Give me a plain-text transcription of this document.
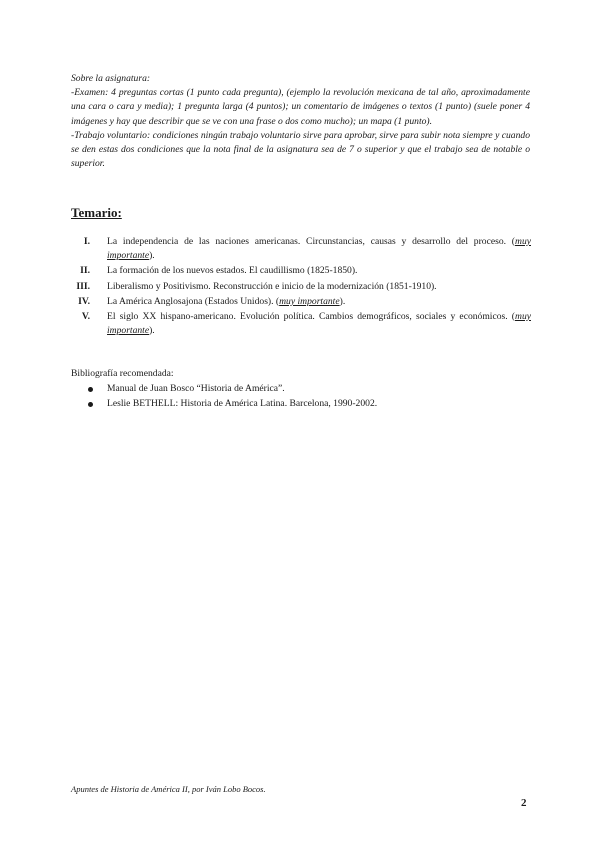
Sobre la asignatura:

-Examen: 4 preguntas cortas (1 punto cada pregunta), (ejemplo la revolución mexicana de tal año, aproximadamente una cara o cara y media); 1 pregunta larga (4 puntos); un comentario de imágenes o textos (1 punto) (suele poner 4 imágenes y hay que describir que se ve con una frase o dos como mucho); un mapa (1 punto).

-Trabajo voluntario: condiciones ningún trabajo voluntario sirve para aprobar, sirve para subir nota siempre y cuando se den estas dos condiciones que la nota final de la asignatura sea de 7 o superior y que el trabajo sea de notable o superior.

Temario:
I. La independencia de las naciones americanas. Circunstancias, causas y desarrollo del proceso. (muy importante).
II. La formación de los nuevos estados. El caudillismo (1825-1850).
III. Liberalismo y Positivismo. Reconstrucción e inicio de la modernización (1851-1910).
IV. La América Anglosajona (Estados Unidos). (muy importante).
V. El siglo XX hispano-americano. Evolución política. Cambios demográficos, sociales y económicos. (muy importante).
Bibliografía recomendada:
Manual de Juan Bosco “Historia de América”.
Leslie BETHELL: Historia de América Latina. Barcelona, 1990-2002.
Apuntes de Historia de América II, por Iván Lobo Bocos.
2
